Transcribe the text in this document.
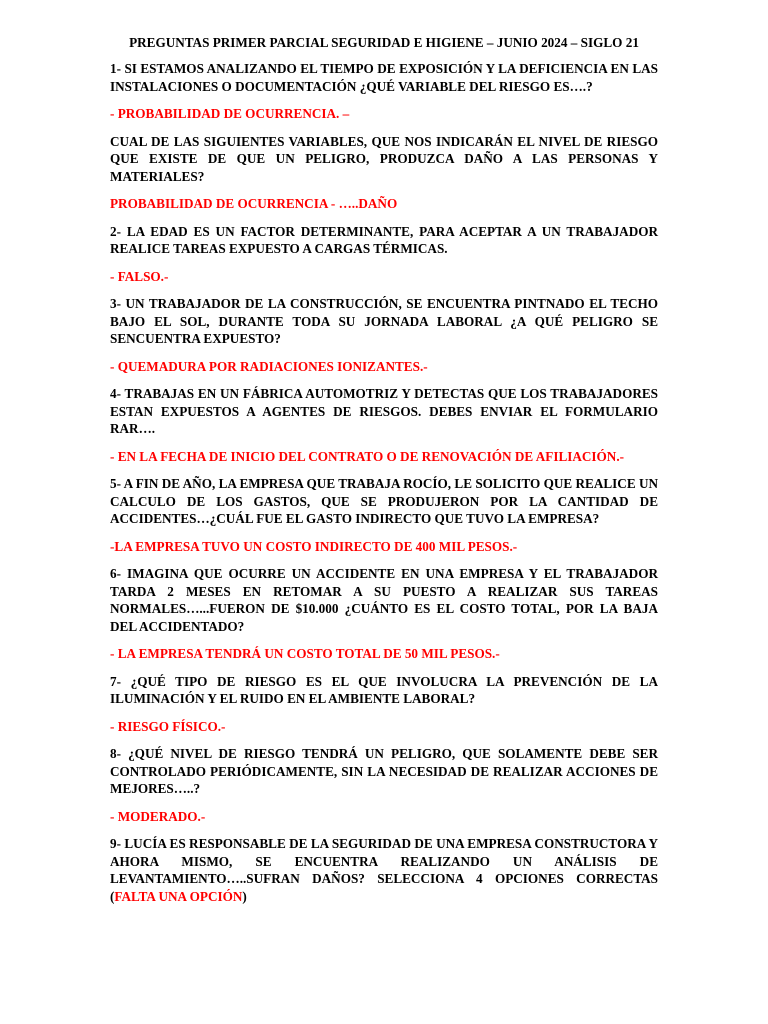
PREGUNTAS PRIMER PARCIAL SEGURIDAD E HIGIENE – JUNIO 2024 – SIGLO 21

1- SI ESTAMOS ANALIZANDO EL TIEMPO DE EXPOSICIÓN Y LA DEFICIENCIA EN LAS INSTALACIONES O DOCUMENTACIÓN ¿QUÉ VARIABLE DEL RIESGO ES….?

- PROBABILIDAD DE OCURRENCIA. –

CUAL DE LAS SIGUIENTES VARIABLES, QUE NOS INDICARÁN EL NIVEL DE RIESGO QUE EXISTE DE QUE UN PELIGRO, PRODUZCA DAÑO A LAS PERSONAS Y MATERIALES?

PROBABILIDAD DE OCURRENCIA - …..DAÑO

2- LA EDAD ES UN FACTOR DETERMINANTE, PARA ACEPTAR A UN TRABAJADOR REALICE TAREAS EXPUESTO A CARGAS TÉRMICAS.

- FALSO.-

3- UN TRABAJADOR DE LA CONSTRUCCIÓN, SE ENCUENTRA PINTNADO EL TECHO BAJO EL SOL, DURANTE TODA SU JORNADA LABORAL ¿A QUÉ PELIGRO SE SENCUENTRA EXPUESTO?

- QUEMADURA POR RADIACIONES IONIZANTES.-

4- TRABAJAS EN UN FÁBRICA AUTOMOTRIZ Y DETECTAS QUE LOS TRABAJADORES ESTAN EXPUESTOS A AGENTES DE RIESGOS. DEBES ENVIAR EL FORMULARIO RAR….

- EN LA FECHA DE INICIO DEL CONTRATO O DE RENOVACIÓN DE AFILIACIÓN.-

5- A FIN DE AÑO, LA EMPRESA QUE TRABAJA ROCÍO, LE SOLICITO QUE REALICE UN CALCULO DE LOS GASTOS, QUE SE PRODUJERON POR LA CANTIDAD DE ACCIDENTES…¿CUÁL FUE EL GASTO INDIRECTO QUE TUVO LA EMPRESA?

-LA EMPRESA TUVO UN COSTO INDIRECTO DE 400 MIL PESOS.-

6- IMAGINA QUE OCURRE UN ACCIDENTE EN UNA EMPRESA Y EL TRABAJADOR TARDA 2 MESES EN RETOMAR A SU PUESTO A REALIZAR SUS TAREAS NORMALES…...FUERON DE $10.000 ¿CUÁNTO ES EL COSTO TOTAL, POR LA BAJA DEL ACCIDENTADO?

- LA EMPRESA TENDRÁ UN COSTO TOTAL DE 50 MIL PESOS.-

7- ¿QUÉ TIPO DE RIESGO ES EL QUE INVOLUCRA LA PREVENCIÓN DE LA ILUMINACIÓN Y EL RUIDO EN EL AMBIENTE LABORAL?

- RIESGO FÍSICO.-

8- ¿QUÉ NIVEL DE RIESGO TENDRÁ UN PELIGRO, QUE SOLAMENTE DEBE SER CONTROLADO PERIÓDICAMENTE, SIN LA NECESIDAD DE REALIZAR ACCIONES DE MEJORES…..?

- MODERADO.-

9- LUCÍA ES RESPONSABLE DE LA SEGURIDAD DE UNA EMPRESA CONSTRUCTORA Y AHORA MISMO, SE ENCUENTRA REALIZANDO UN ANÁLISIS DE LEVANTAMIENTO…..SUFRAN DAÑOS? SELECCIONA 4 OPCIONES CORRECTAS (FALTA UNA OPCIÓN)
